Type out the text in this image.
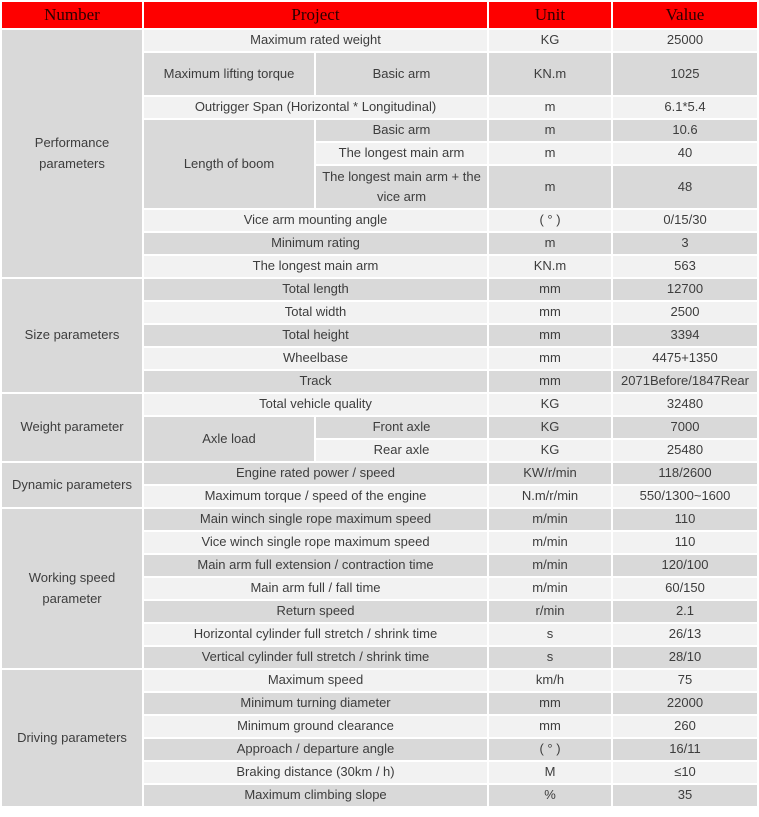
Number	Project		Unit	Value
Performance parameters	Maximum rated weight		KG	25000
	Maximum lifting torque	Basic arm	KN.m	1025
	Outrigger Span (Horizontal * Longitudinal)		m	6.1*5.4
	Length of boom	Basic arm	m	10.6
		The longest main arm	m	40
		The longest main arm + the vice arm	m	48
	Vice arm mounting angle		( ° )	0/15/30
	Minimum rating		m	3
	The longest main arm		KN.m	563
Size parameters	Total length		mm	12700
	Total width		mm	2500
	Total height		mm	3394
	Wheelbase		mm	4475+1350
	Track		mm	2071Before/1847Rear
Weight parameter	Total vehicle quality		KG	32480
	Axle load	Front axle	KG	7000
		Rear axle	KG	25480
Dynamic parameters	Engine rated power / speed		KW/r/min	118/2600
	Maximum torque / speed of the engine		N.m/r/min	550/1300~1600
Working speed parameter	Main winch single rope maximum speed		m/min	110
	Vice winch single rope maximum speed		m/min	110
	Main arm full extension / contraction time		m/min	120/100
	Main arm full / fall time		m/min	60/150
	Return speed		r/min	2.1
	Horizontal cylinder full stretch / shrink time		s	26/13
	Vertical cylinder full stretch / shrink time		s	28/10
Driving parameters	Maximum speed		km/h	75
	Minimum turning diameter		mm	22000
	Minimum ground clearance		mm	260
	Approach / departure angle		( ° )	16/11
	Braking distance (30km / h)		M	≤10
	Maximum climbing slope		%	35
